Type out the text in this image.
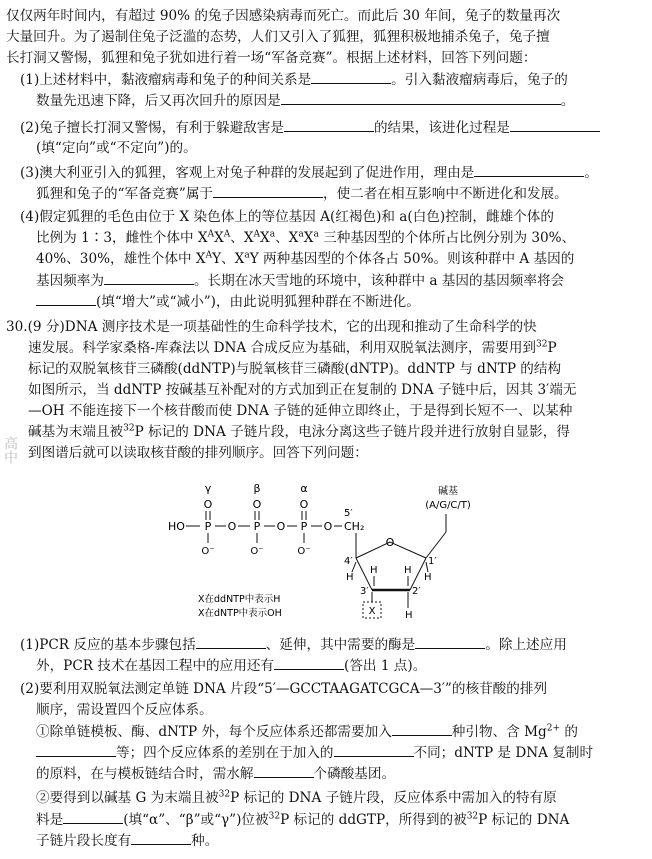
仅仅两年时间内，有超过 90% 的兔子因感染病毒而死亡。而此后 30 年间，兔子的数量再次

大量回升。为了遏制住兔子泛滥的态势，人们又引入了狐狸，狐狸积极地捕杀兔子，兔子擅

长打洞又警惕，狐狸和兔子犹如进行着一场“军备竞赛”。根据上述材料，回答下列问题：

(1)上述材料中，黏液瘤病毒和兔子的种间关系是	。引入黏液瘤病毒后，兔子的

数量先迅速下降，后又再次回升的原因是	。

(2)兔子擅长打洞又警惕，有利于躲避敌害是	的结果，该进化过程是

(填“定向”或“不定向”)的。

(3)澳大利亚引入的狐狸，客观上对兔子种群的发展起到了促进作用，理由是	。

狐狸和兔子的“军备竞赛”属于	，使二者在相互影响中不断进化和发展。

(4)假定狐狸的毛色由位于 X 染色体上的等位基因 A(红褐色)和 a(白色)控制，雌雄个体的

比例为 1∶3，雌性个体中 $X^AX^A$、$X^AX^a$、$X^aX^a$ 三种基因型的个体所占比例分别为 30%、

40%、30%，雄性个体中 $X^AY$、$X^aY$ 两种基因型的个体各占 50%。则该种群中 A 基因的

基因频率为	。长期在冰天雪地的环境中，该种群中 a 基因的基因频率将会

(填“增大”或“减小”)，由此说明狐狸种群在不断进化。

30.(9 分)DNA 测序技术是一项基础性的生命科学技术，它的出现和推动了生命科学的快

速发展。科学家桑格-库森法以 DNA 合成反应为基础，利用双脱氧法测序，需要用到$^{32}$P

标记的双脱氧核苷三磷酸(ddNTP)与脱氧核苷三磷酸(dNTP)。ddNTP 与 dNTP 的结构

如图所示，当 ddNTP 按碱基互补配对的方式加到正在复制的 DNA 子链中后，因其 3′端无

—OH 不能连接下一个核苷酸而使 DNA 子链的延伸立即终止，于是得到长短不一、以某种

碱基为末端且被$^{32}$P 标记的 DNA 子链片段，电泳分离这些子链片段并进行放射自显影，得

到图谱后就可以读取核苷酸的排列顺序。回答下列问题：

(1)PCR 反应的基本步骤包括	、延伸，其中需要的酶是	。除上述应用

外，PCR 技术在基因工程中的应用还有	(答出 1 点)。

(2)要利用双脱氧法测定单链 DNA 片段“5′—GCCTAAGATCGCA—3′”的核苷酸的排列

顺序，需设置四个反应体系。

①除单链模板、酶、dNTP 外，每个反应体系还都需要加入	种引物、含 $Mg^{2+}$ 的

等；四个反应体系的差别在于加入的	不同；dNTP 是 DNA 复制时

的原料，在与模板链结合时，需水解	个磷酸基团。

②要得到以碱基 G 为末端且被$^{32}$P 标记的 DNA 子链片段，反应体系中需加入的特有原

料是	(填“α”、“β”或“γ”)位被$^{32}$P 标记的 ddGTP，所得到的被$^{32}$P 标记的 DNA

子链片段长度有	种。

高中
γ	β	α
O	O	O
HO P O P O P O CH₂
O⁻	O⁻	O⁻
5′
O
4′	1′
3′	2′
H	H
H	H
H
X
碱基
(A/G/C/T)
X在ddNTP中表示H
X在dNTP中表示OH
